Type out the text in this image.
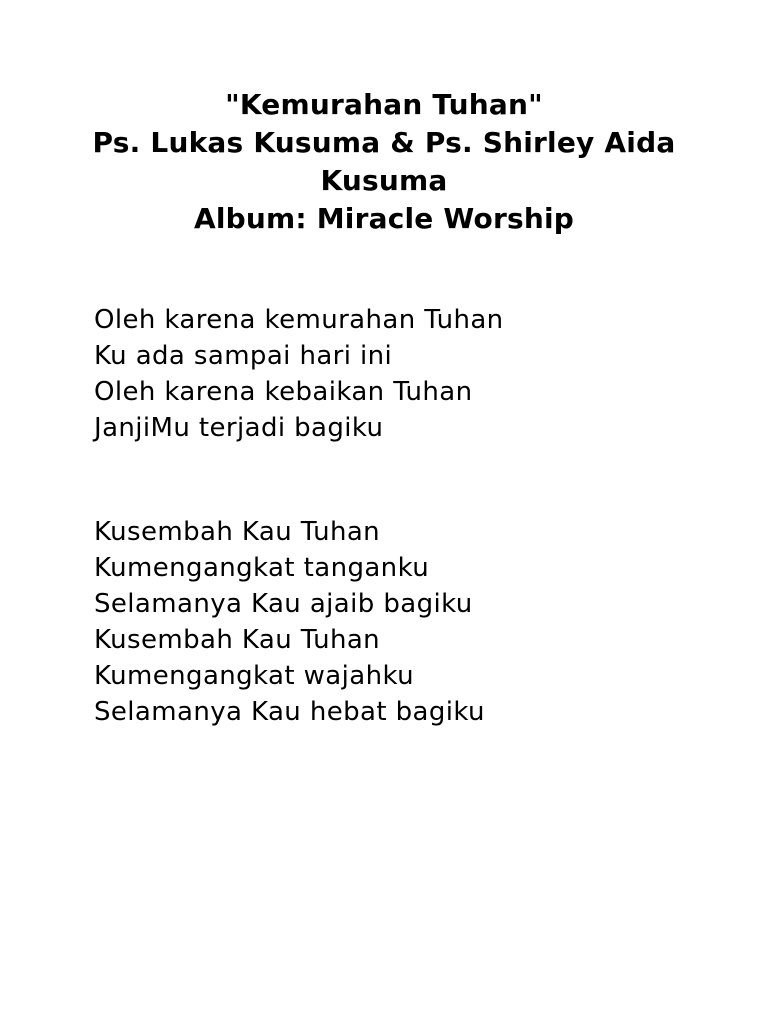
"Kemurahan Tuhan"
Ps. Lukas Kusuma & Ps. Shirley Aida
Kusuma
Album: Miracle Worship
Oleh karena kemurahan Tuhan
Ku ada sampai hari ini
Oleh karena kebaikan Tuhan
JanjiMu terjadi bagiku
Kusembah Kau Tuhan
Kumengangkat tanganku
Selamanya Kau ajaib bagiku
Kusembah Kau Tuhan
Kumengangkat wajahku
Selamanya Kau hebat bagiku
